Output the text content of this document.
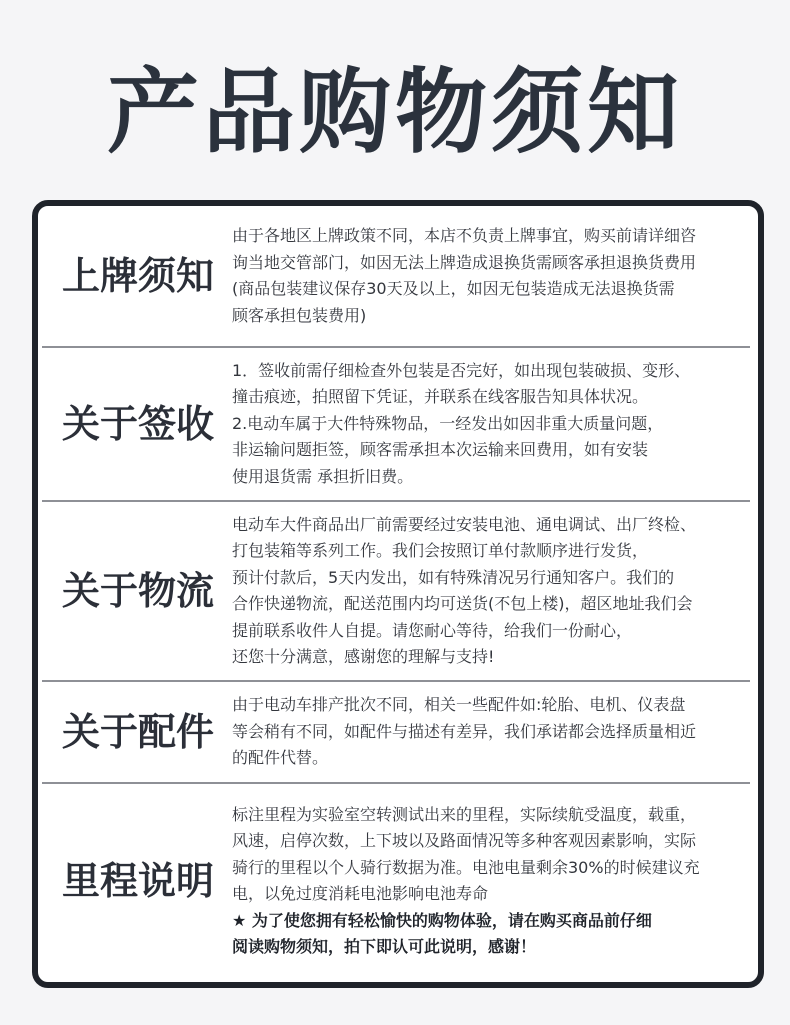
产品购物须知
上牌须知
由于各地区上牌政策不同，本店不负责上牌事宜，购买前请详细咨
询当地交管部门，如因无法上牌造成退换货需顾客承担退换货费用
(商品包装建议保存30天及以上，如因无包装造成无法退换货需
顾客承担包装费用)
关于签收
1．签收前需仔细检查外包装是否完好，如出现包装破损、变形、
撞击痕迹，拍照留下凭证，并联系在线客服告知具体状况。
2.电动车属于大件特殊物品，一经发出如因非重大质量问题，
非运输问题拒签，顾客需承担本次运输来回费用，如有安装
使用退货需 承担折旧费。
关于物流
电动车大件商品出厂前需要经过安装电池、通电调试、出厂终检、
打包装箱等系列工作。我们会按照订单付款顺序进行发货，
预计付款后，5天内发出，如有特殊清况另行通知客户。我们的
合作快递物流，配送范围内均可送货(不包上楼)，超区地址我们会
提前联系收件人自提。请您耐心等待，给我们一份耐心，
还您十分满意，感谢您的理解与支持!
关于配件
由于电动车排产批次不同，相关一些配件如:轮胎、电机、仪表盘
等会稍有不同，如配件与描述有差异，我们承诺都会选择质量相近
的配件代替。
里程说明

标注里程为实验室空转测试出来的里程，实际续航受温度，载重，
风速，启停次数，上下坡以及路面情况等多种客观因素影响，实际
骑行的里程以个人骑行数据为准。电池电量剩余30%的时候建议充
电，以免过度消耗电池影响电池寿命

★ 为了使您拥有轻松愉快的购物体验，请在购买商品前仔细
阅读购物须知，拍下即认可此说明，感谢！
